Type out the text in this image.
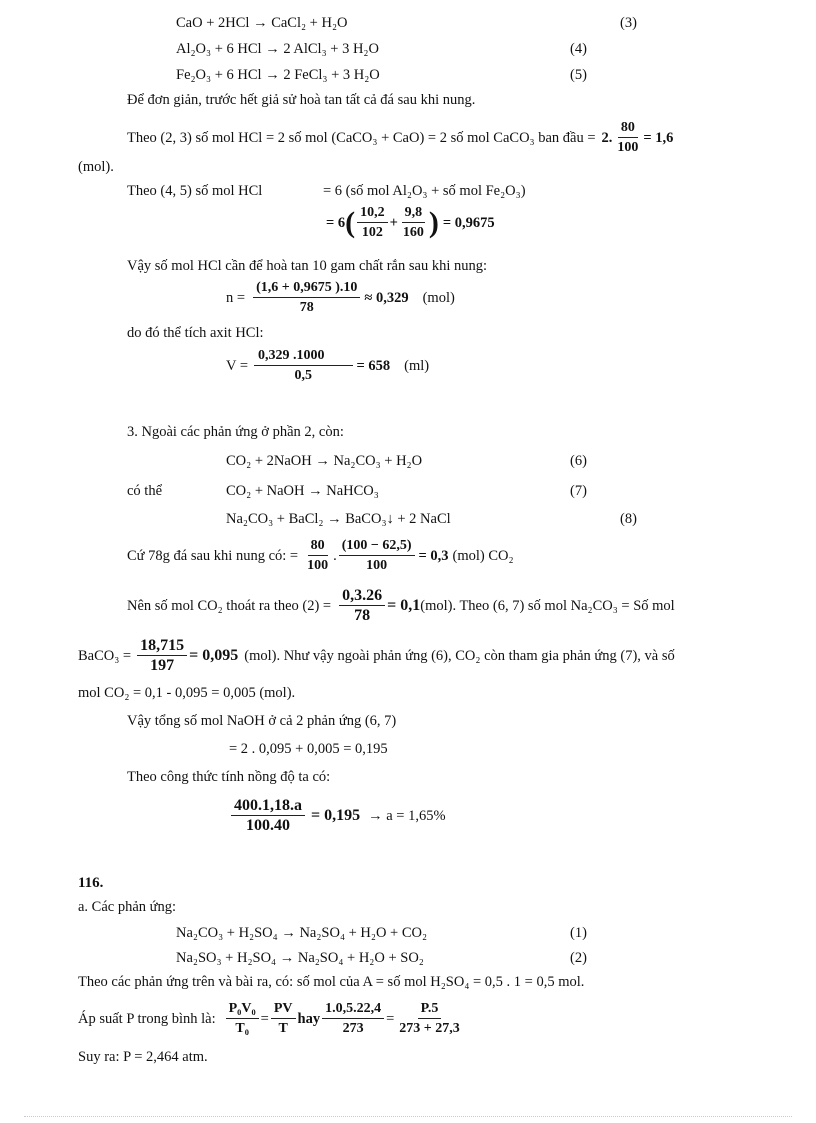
CaO + 2HCl → CaCl₂ + H₂O	(3)
Al₂O₃ + 6 HCl → 2 AlCl₃ + 3 H₂O	(4)
Fe₂O₃ + 6 HCl → 2 FeCl₃ + 3 H₂O	(5)
Để đơn giản, trước hết giả sử hoà tan tất cả đá sau khi nung.
Theo (2, 3) số mol HCl = 2 số mol (CaCO₃ + CaO) = 2 số mol CaCO₃ ban đầu = 2. $\frac{80}{100} = 1,6$
(mol).
Theo (4, 5) số mol HCl	= 6 (số mol Al₂O₃ + số mol Fe₂O₃)
= 6 ( $\frac{10,2}{102} + \frac{9,8}{160}$ ) = 0,9675
Vậy số mol HCl cần để hoà tan 10 gam chất rắn sau khi nung:
$n = \frac{(1,6 + 0,9675 ).10}{78} \approx 0,329$ (mol)
do đó thể tích axit HCl:
$V = \frac{0,329 .1000}{0,5} = 658$ (ml)
3. Ngoài các phản ứng ở phần 2, còn:
CO₂ + 2NaOH → Na₂CO₃ + H₂O	(6)
có thể	CO₂ + NaOH → NaHCO₃	(7)
Na₂CO₃ + BaCl₂ → BaCO₃↓ + 2 NaCl	(8)
Cứ 78g đá sau khi nung có: = $\frac{80}{100}$ . $\frac{(100 - 62,5)}{100} = 0,3$ (mol) CO₂
Nên số mol CO₂ thoát ra theo $(2) = \frac{0,3.26}{78} = 0,1$ (mol). Theo (6, 7) số mol Na₂CO₃ = Số mol
BaCO₃ = $\frac{18,715}{197} = 0,095$ (mol). Như vậy ngoài phản ứng (6), CO₂ còn tham gia phản ứng (7), và số
mol CO₂ = 0,1 - 0,095 = 0,005 (mol).
Vậy tổng số mol NaOH ở cả 2 phản ứng (6, 7)
= 2 . 0,095 + 0,005 = 0,195
Theo công thức tính nồng độ ta có:
$\frac{400.1,18.a}{100.40} = 0,195 \to a = 1,65\%$
116.
a. Các phản ứng:
Na₂CO₃ + H₂SO₄ → Na₂SO₄ + H₂O + CO₂	(1)
Na₂SO₃ + H₂SO₄ → Na₂SO₄ + H₂O + SO₂	(2)
Theo các phản ứng trên và bài ra, có: số mol của A = số mol H₂SO₄ = 0,5 . 1 = 0,5 mol.
Áp suất P trong bình là: $\frac{\text{P₀V₀}}{\text{T₀}} = \frac{PV}{T}$ hay $\frac{1.0,5.22,4}{273} = \frac{P.5}{273 + 27,3}$
Suy ra: P = 2,464 atm.
